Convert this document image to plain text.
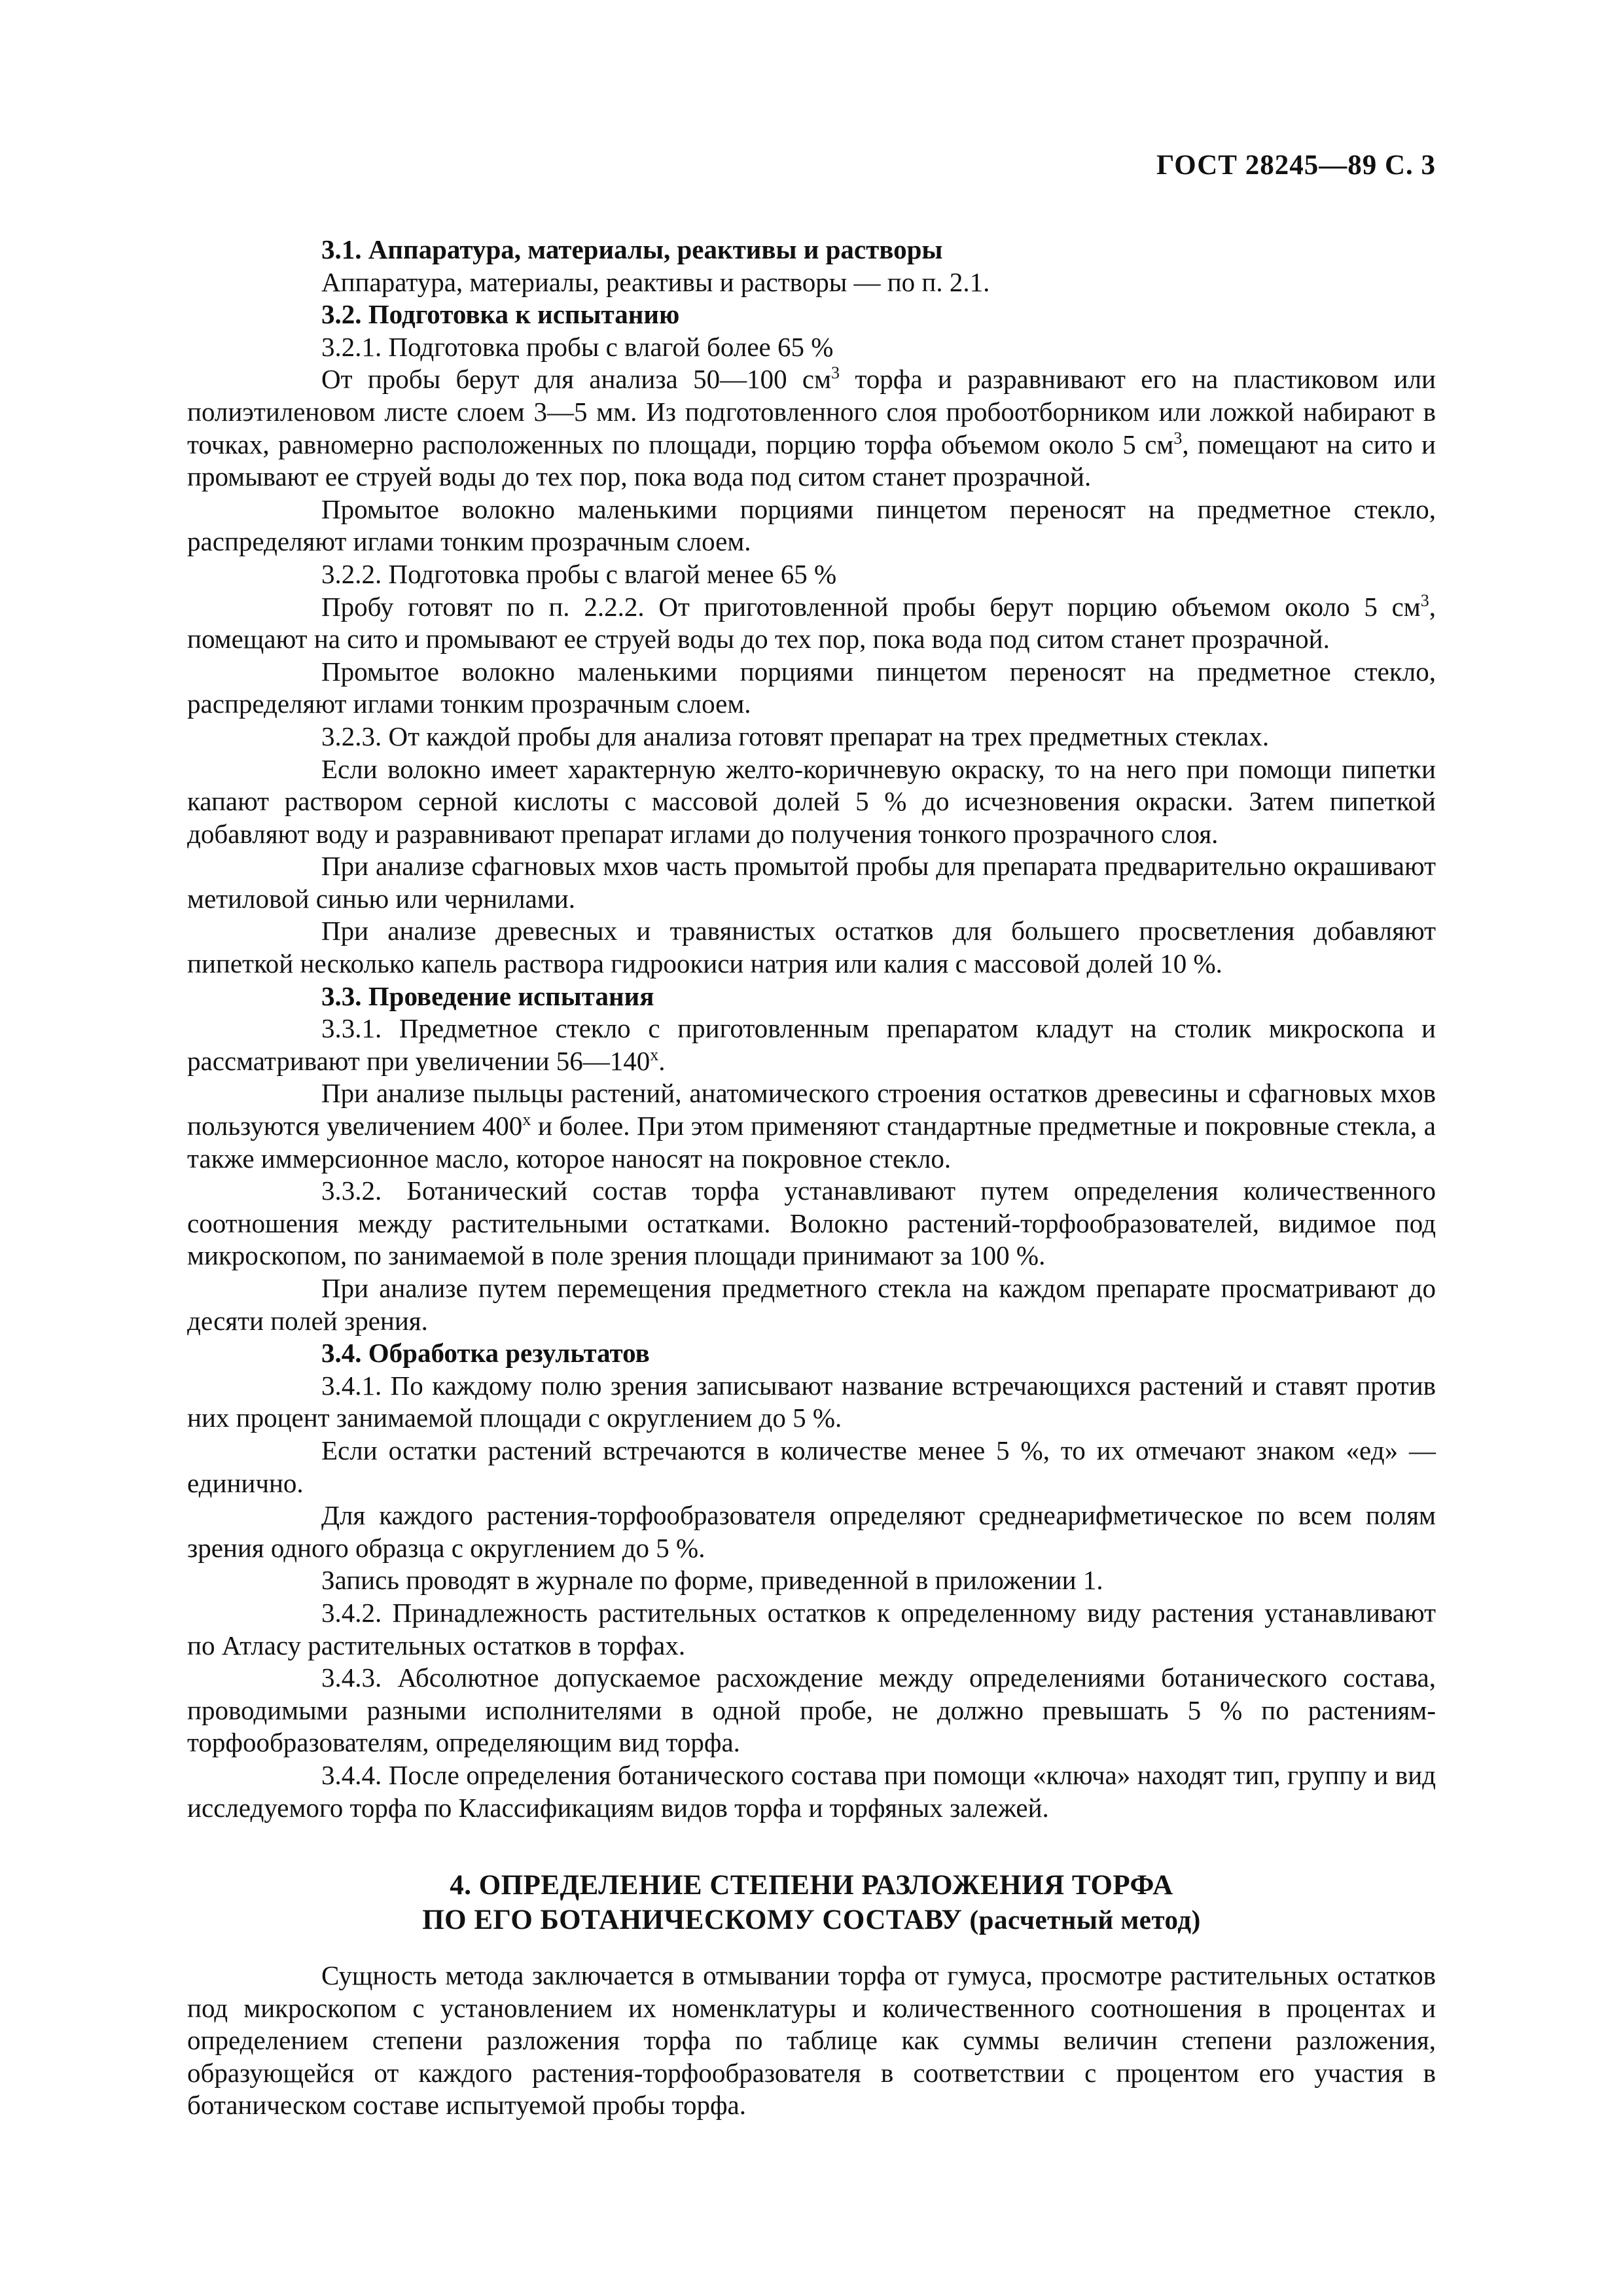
ГОСТ 28245—89 С. 3

3.1. Аппаратура, материалы, реактивы и растворы

Аппаратура, материалы, реактивы и растворы — по п. 2.1.

3.2. Подготовка к испытанию

3.2.1. Подготовка пробы с влагой более 65 %

От пробы берут для анализа 50—100 $см^3$ торфа и разравнивают его на пластиковом или полиэтиленовом листе слоем 3—5 мм. Из подготовленного слоя пробоотборником или ложкой набирают в точках, равномерно расположенных по площади, порцию торфа объемом около 5 $см^3$, помещают на сито и промывают ее струей воды до тех пор, пока вода под ситом станет прозрачной.

Промытое волокно маленькими порциями пинцетом переносят на предметное стекло, распределяют иглами тонким прозрачным слоем.

3.2.2. Подготовка пробы с влагой менее 65 %

Пробу готовят по п. 2.2.2. От приготовленной пробы берут порцию объемом около 5 $см^3$, помещают на сито и промывают ее струей воды до тех пор, пока вода под ситом станет прозрачной.

Промытое волокно маленькими порциями пинцетом переносят на предметное стекло, распределяют иглами тонким прозрачным слоем.

3.2.3. От каждой пробы для анализа готовят препарат на трех предметных стеклах.

Если волокно имеет характерную желто-коричневую окраску, то на него при помощи пипетки капают раствором серной кислоты с массовой долей 5 % до исчезновения окраски. Затем пипеткой добавляют воду и разравнивают препарат иглами до получения тонкого прозрачного слоя.

При анализе сфагновых мхов часть промытой пробы для препарата предварительно окрашивают метиловой синью или чернилами.

При анализе древесных и травянистых остатков для большего просветления добавляют пипеткой несколько капель раствора гидроокиси натрия или калия с массовой долей 10 %.

3.3. Проведение испытания

3.3.1. Предметное стекло с приготовленным препаратом кладут на столик микроскопа и рассматривают при увеличении $56—140^х$.

При анализе пыльцы растений, анатомического строения остатков древесины и сфагновых мхов пользуются увеличением $400^х$ и более. При этом применяют стандартные предметные и покровные стекла, а также иммерсионное масло, которое наносят на покровное стекло.

3.3.2. Ботанический состав торфа устанавливают путем определения количественного соотношения между растительными остатками. Волокно растений-торфообразователей, видимое под микроскопом, по занимаемой в поле зрения площади принимают за 100 %.

При анализе путем перемещения предметного стекла на каждом препарате просматривают до десяти полей зрения.

3.4. Обработка результатов

3.4.1. По каждому полю зрения записывают название встречающихся растений и ставят против них процент занимаемой площади с округлением до 5 %.

Если остатки растений встречаются в количестве менее 5 %, то их отмечают знаком «ед» — единично.

Для каждого растения-торфообразователя определяют среднеарифметическое по всем полям зрения одного образца с округлением до 5 %.

Запись проводят в журнале по форме, приведенной в приложении 1.

3.4.2. Принадлежность растительных остатков к определенному виду растения устанавливают по Атласу растительных остатков в торфах.

3.4.3. Абсолютное допускаемое расхождение между определениями ботанического состава, проводимыми разными исполнителями в одной пробе, не должно превышать 5 % по растениям-торфообразователям, определяющим вид торфа.

3.4.4. После определения ботанического состава при помощи «ключа» находят тип, группу и вид исследуемого торфа по Классификациям видов торфа и торфяных залежей.

4. ОПРЕДЕЛЕНИЕ СТЕПЕНИ РАЗЛОЖЕНИЯ ТОРФА
ПО ЕГО БОТАНИЧЕСКОМУ СОСТАВУ (расчетный метод)

Сущность метода заключается в отмывании торфа от гумуса, просмотре растительных остатков под микроскопом с установлением их номенклатуры и количественного соотношения в процентах и определением степени разложения торфа по таблице как суммы величин степени разложения, образующейся от каждого растения-торфообразователя в соответствии с процентом его участия в ботаническом составе испытуемой пробы торфа.
